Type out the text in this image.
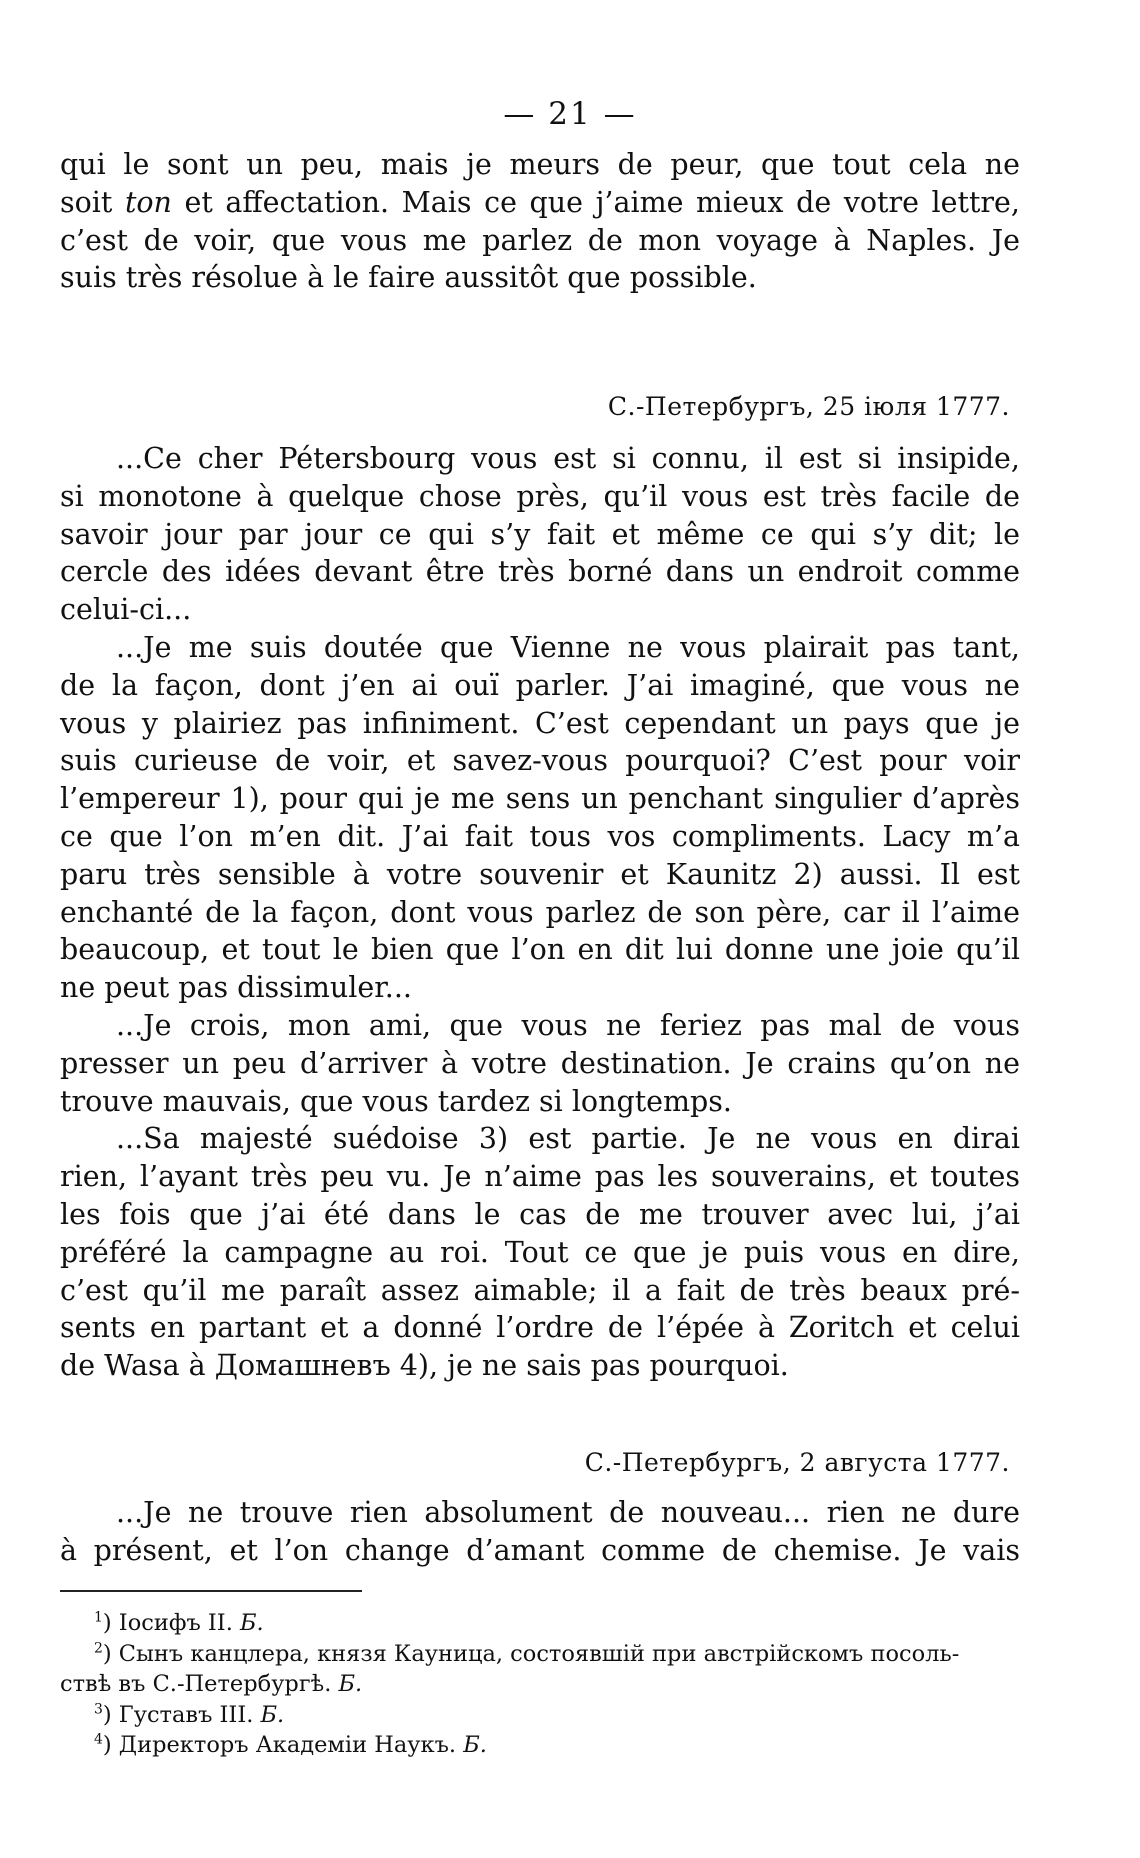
— 21 —
qui le sont un peu, mais je meurs de peur, que tout cela ne
soit ton et affectation. Mais ce que j’aime mieux de votre lettre,
c’est de voir, que vous me parlez de mon voyage à Naples. Je
suis très résolue à le faire aussitôt que possible.
С.-Петербургъ, 25 іюля 1777.
...Ce cher Pétersbourg vous est si connu, il est si insipide,
si monotone à quelque chose près, qu’il vous est très facile de
savoir jour par jour ce qui s’y fait et même ce qui s’y dit; le
cercle des idées devant être très borné dans un endroit comme
celui-ci...
...Je me suis doutée que Vienne ne vous plairait pas tant,
de la façon, dont j’en ai ouï parler. J’ai imaginé, que vous ne
vous y plairiez pas infiniment. C’est cependant un pays que je
suis curieuse de voir, et savez-vous pourquoi? C’est pour voir
l’empereur 1), pour qui je me sens un penchant singulier d’après
ce que l’on m’en dit. J’ai fait tous vos compliments. Lacy m’a
paru très sensible à votre souvenir et Kaunitz 2) aussi. Il est
enchanté de la façon, dont vous parlez de son père, car il l’aime
beaucoup, et tout le bien que l’on en dit lui donne une joie qu’il
ne peut pas dissimuler...
...Je crois, mon ami, que vous ne feriez pas mal de vous
presser un peu d’arriver à votre destination. Je crains qu’on ne
trouve mauvais, que vous tardez si longtemps.
...Sa majesté suédoise 3) est partie. Je ne vous en dirai
rien, l’ayant très peu vu. Je n’aime pas les souverains, et toutes
les fois que j’ai été dans le cas de me trouver avec lui, j’ai
préféré la campagne au roi. Tout ce que je puis vous en dire,
c’est qu’il me paraît assez aimable; il a fait de très beaux pré-
sents en partant et a donné l’ordre de l’épée à Zoritch et celui
de Wasa à Домашневъ 4), je ne sais pas pourquoi.
С.-Петербургъ, 2 августа 1777.
...Je ne trouve rien absolument de nouveau... rien ne dure
à présent, et l’on change d’amant comme de chemise. Je vais
$^1$) Іосифъ II. Б.
$^2$) Сынъ канцлера, князя Кауница, состоявшій при австрійскомъ посоль-
ствѣ въ С.-Петербургѣ. Б.
$^3$) Густавъ III. Б.
$^4$) Директоръ Академіи Наукъ. Б.
